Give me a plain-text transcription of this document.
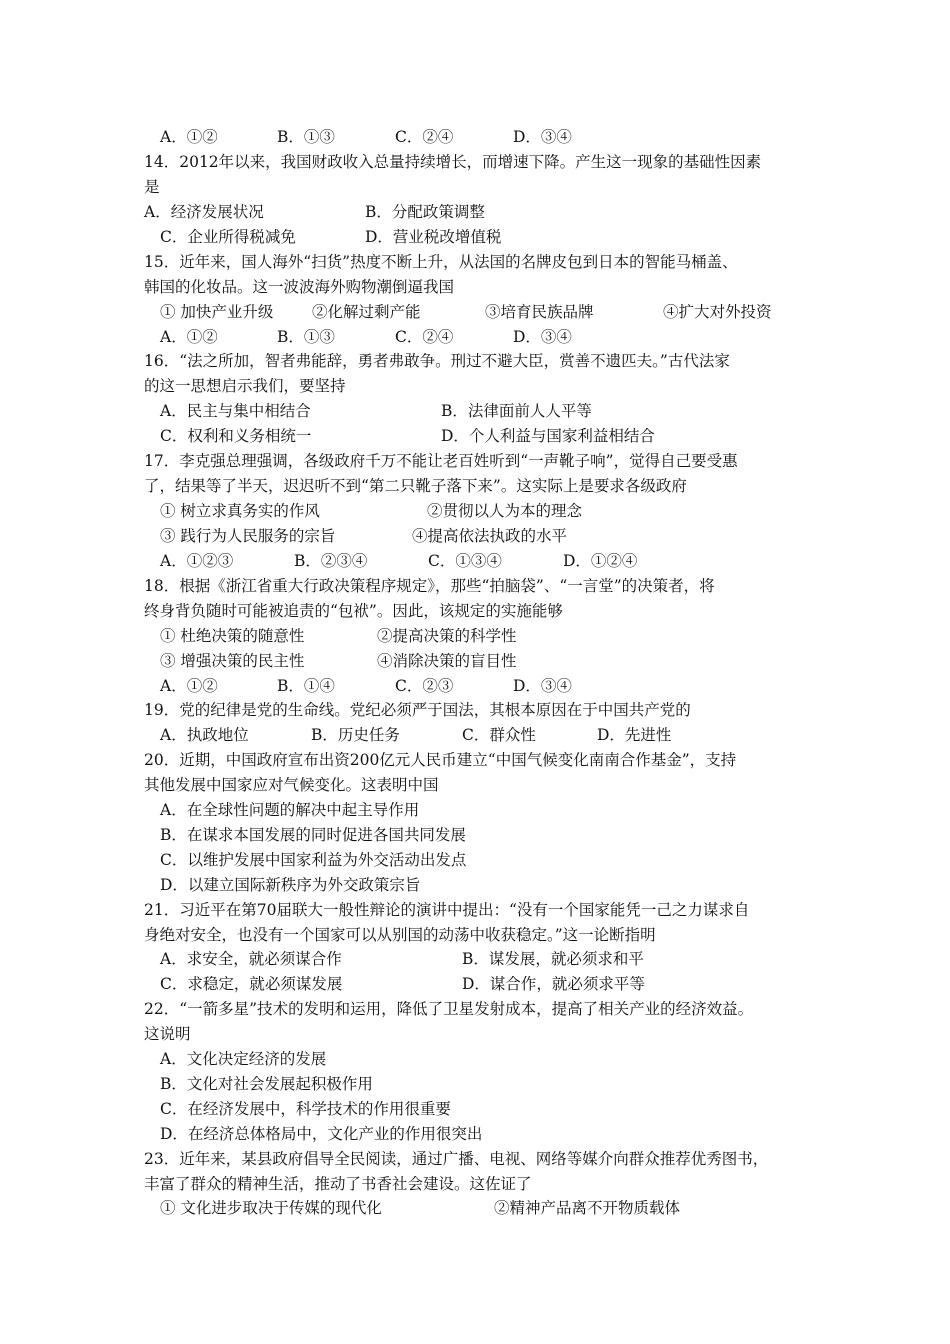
A．①②	B．①③	C．②④	D．③④
14．2012年以来，我国财政收入总量持续增长，而增速下降。产生这一现象的基础性因素
是
A．经济发展状况	B．分配政策调整
C．企业所得税减免	D．营业税改增值税
15．近年来，国人海外“扫货”热度不断上升，从法国的名牌皮包到日本的智能马桶盖、
韩国的化妆品。这一波波海外购物潮倒逼我国
① 加快产业升级 ②化解过剩产能	③培育民族品牌	④扩大对外投资
A．①②	B．①③	C．②④	D．③④
16．“法之所加，智者弗能辞，勇者弗敢争。刑过不避大臣，赏善不遗匹夫。”古代法家
的这一思想启示我们，要坚持
A．民主与集中相结合	B．法律面前人人平等
C．权利和义务相统一	D．个人利益与国家利益相结合
17．李克强总理强调，各级政府千万不能让老百姓听到“一声靴子响”，觉得自己要受惠
了，结果等了半天，迟迟听不到“第二只靴子落下来”。这实际上是要求各级政府
① 树立求真务实的作风	②贯彻以人为本的理念
③ 践行为人民服务的宗旨	④提高依法执政的水平
A．①②③	B．②③④	C．①③④	D．①②④
18．根据《浙江省重大行政决策程序规定》，那些“拍脑袋”、“一言堂”的决策者，将
终身背负随时可能被追责的“包袱”。因此，该规定的实施能够
① 杜绝决策的随意性	②提高决策的科学性
③ 增强决策的民主性	④消除决策的盲目性
A．①②	B．①④	C．②③	D．③④
19．党的纪律是党的生命线。党纪必须严于国法，其根本原因在于中国共产党的
A．执政地位	B．历史任务	C．群众性	D．先进性
20．近期，中国政府宣布出资200亿元人民币建立“中国气候变化南南合作基金”，支持
其他发展中国家应对气候变化。这表明中国
A．在全球性问题的解决中起主导作用
B．在谋求本国发展的同时促进各国共同发展
C．以维护发展中国家利益为外交活动出发点
D．以建立国际新秩序为外交政策宗旨
21．习近平在第70届联大一般性辩论的演讲中提出：“没有一个国家能凭一己之力谋求自
身绝对安全，也没有一个国家可以从别国的动荡中收获稳定。”这一论断指明
A．求安全，就必须谋合作	B．谋发展，就必须求和平
C．求稳定，就必须谋发展	D．谋合作，就必须求平等
22．“一箭多星”技术的发明和运用，降低了卫星发射成本，提高了相关产业的经济效益。
这说明
A．文化决定经济的发展
B．文化对社会发展起积极作用
C．在经济发展中，科学技术的作用很重要
D．在经济总体格局中，文化产业的作用很突出
23．近年来，某县政府倡导全民阅读，通过广播、电视、网络等媒介向群众推荐优秀图书，
丰富了群众的精神生活，推动了书香社会建设。这佐证了
① 文化进步取决于传媒的现代化	②精神产品离不开物质载体
